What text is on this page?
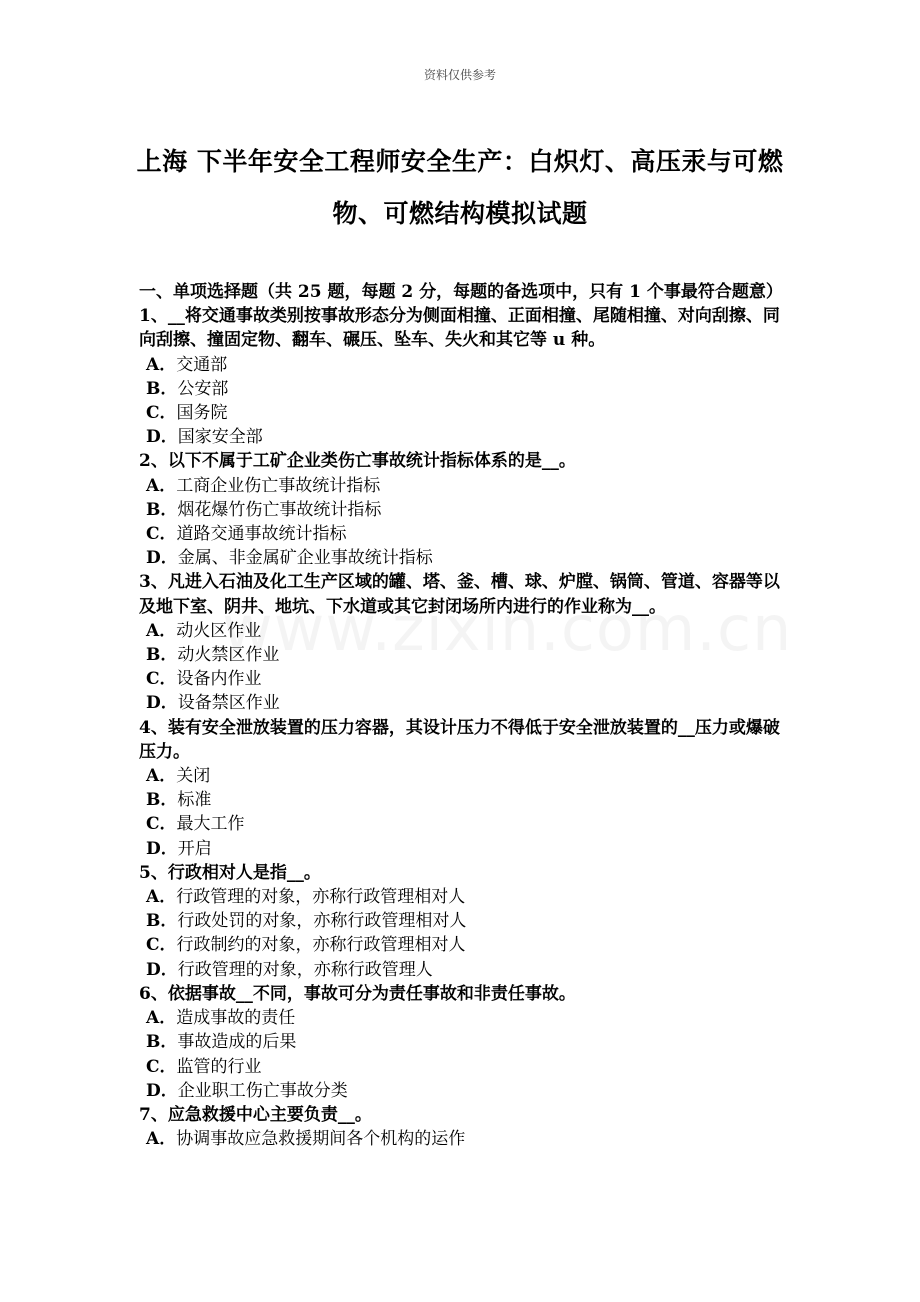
资料仅供参考
上海 下半年安全工程师安全生产：白炽灯、高压汞与可燃物、可燃结构模拟试题
一、单项选择题（共 25 题，每题 2 分，每题的备选项中，只有 1 个事最符合题意）
1、__将交通事故类别按事故形态分为侧面相撞、正面相撞、尾随相撞、对向刮擦、同向刮擦、撞固定物、翻车、碾压、坠车、失火和其它等 u 种。
A．交通部
B．公安部
C．国务院
D．国家安全部
2、以下不属于工矿企业类伤亡事故统计指标体系的是__。
A．工商企业伤亡事故统计指标
B．烟花爆竹伤亡事故统计指标
C．道路交通事故统计指标
D．金属、非金属矿企业事故统计指标
3、凡进入石油及化工生产区域的罐、塔、釜、槽、球、炉膛、锅筒、管道、容器等以及地下室、阴井、地坑、下水道或其它封闭场所内进行的作业称为__。
A．动火区作业
B．动火禁区作业
C．设备内作业
D．设备禁区作业
4、装有安全泄放装置的压力容器，其设计压力不得低于安全泄放装置的__压力或爆破压力。
A．关闭
B．标准
C．最大工作
D．开启
5、行政相对人是指__。
A．行政管理的对象，亦称行政管理相对人
B．行政处罚的对象，亦称行政管理相对人
C．行政制约的对象，亦称行政管理相对人
D．行政管理的对象，亦称行政管理人
6、依据事故__不同，事故可分为责任事故和非责任事故。
A．造成事故的责任
B．事故造成的后果
C．监管的行业
D．企业职工伤亡事故分类
7、应急救援中心主要负责__。
A．协调事故应急救援期间各个机构的运作
